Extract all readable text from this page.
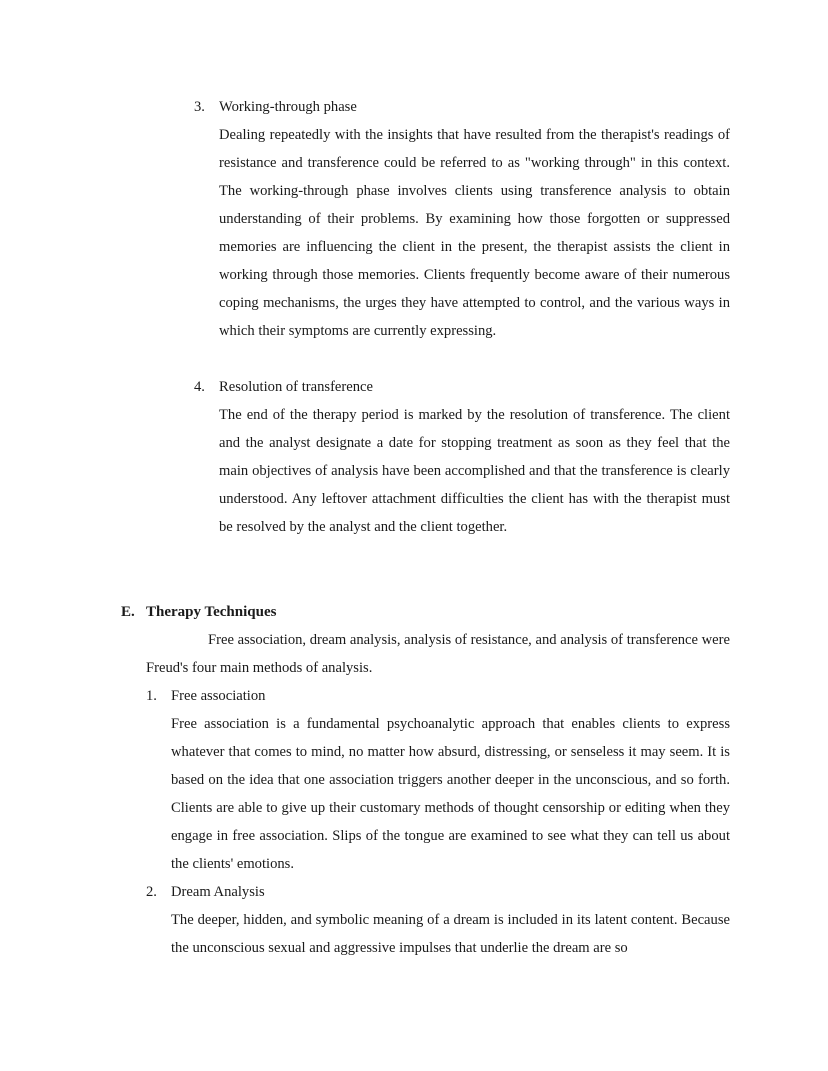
3. Working-through phase

Dealing repeatedly with the insights that have resulted from the therapist's readings of resistance and transference could be referred to as "working through" in this context. The working-through phase involves clients using transference analysis to obtain understanding of their problems. By examining how those forgotten or suppressed memories are influencing the client in the present, the therapist assists the client in working through those memories. Clients frequently become aware of their numerous coping mechanisms, the urges they have attempted to control, and the various ways in which their symptoms are currently expressing.

4. Resolution of transference

The end of the therapy period is marked by the resolution of transference. The client and the analyst designate a date for stopping treatment as soon as they feel that the main objectives of analysis have been accomplished and that the transference is clearly understood. Any leftover attachment difficulties the client has with the therapist must be resolved by the analyst and the client together.

E. Therapy Techniques

Free association, dream analysis, analysis of resistance, and analysis of transference were Freud's four main methods of analysis.

1. Free association

Free association is a fundamental psychoanalytic approach that enables clients to express whatever that comes to mind, no matter how absurd, distressing, or senseless it may seem. It is based on the idea that one association triggers another deeper in the unconscious, and so forth. Clients are able to give up their customary methods of thought censorship or editing when they engage in free association. Slips of the tongue are examined to see what they can tell us about the clients' emotions.

2. Dream Analysis

The deeper, hidden, and symbolic meaning of a dream is included in its latent content. Because the unconscious sexual and aggressive impulses that underlie the dream are so
